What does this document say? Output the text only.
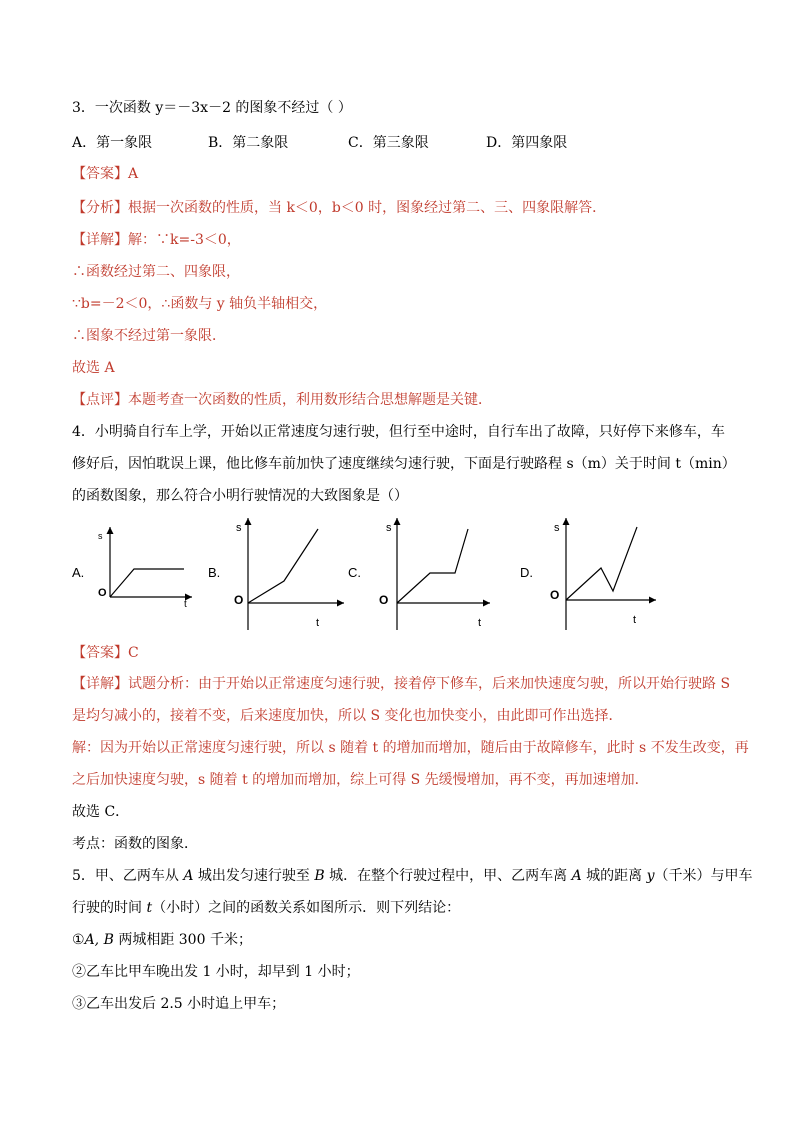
3．一次函数 y＝－3x－2 的图象不经过（ ）
A．第一象限	B．第二象限	C．第三象限	D．第四象限
【答案】A
【分析】根据一次函数的性质，当 k＜0，b＜0 时，图象经过第二、三、四象限解答．
【详解】解：∵k=-3＜0，
∴函数经过第二、四象限，
∵b=－2＜0，∴函数与 y 轴负半轴相交，
∴图象不经过第一象限．
故选 A
【点评】本题考查一次函数的性质，利用数形结合思想解题是关键．
4．小明骑自行车上学，开始以正常速度匀速行驶，但行至中途时，自行车出了故障，只好停下来修车，车
修好后，因怕耽误上课，他比修车前加快了速度继续匀速行驶，下面是行驶路程 s（m）关于时间 t（min）
的函数图象，那么符合小明行驶情况的大致图象是（）
A.
s
t
O
B.
s
t
O
C.
s
t
O
D.
s
t
O
【答案】C
【详解】试题分析：由于开始以正常速度匀速行驶，接着停下修车，后来加快速度匀驶，所以开始行驶路 S
是均匀减小的，接着不变，后来速度加快，所以 S 变化也加快变小，由此即可作出选择．
解：因为开始以正常速度匀速行驶，所以 s 随着 t 的增加而增加，随后由于故障修车，此时 s 不发生改变，再
之后加快速度匀驶，s 随着 t 的增加而增加，综上可得 S 先缓慢增加，再不变，再加速增加．
故选 C．
考点：函数的图象．
5．甲、乙两车从 A 城出发匀速行驶至 B 城．在整个行驶过程中，甲、乙两车离 A 城的距离 y（千米）与甲车
行驶的时间 t（小时）之间的函数关系如图所示．则下列结论：
①A, B 两城相距 300 千米；
②乙车比甲车晚出发 1 小时，却早到 1 小时；
③乙车出发后 2.5 小时追上甲车；
